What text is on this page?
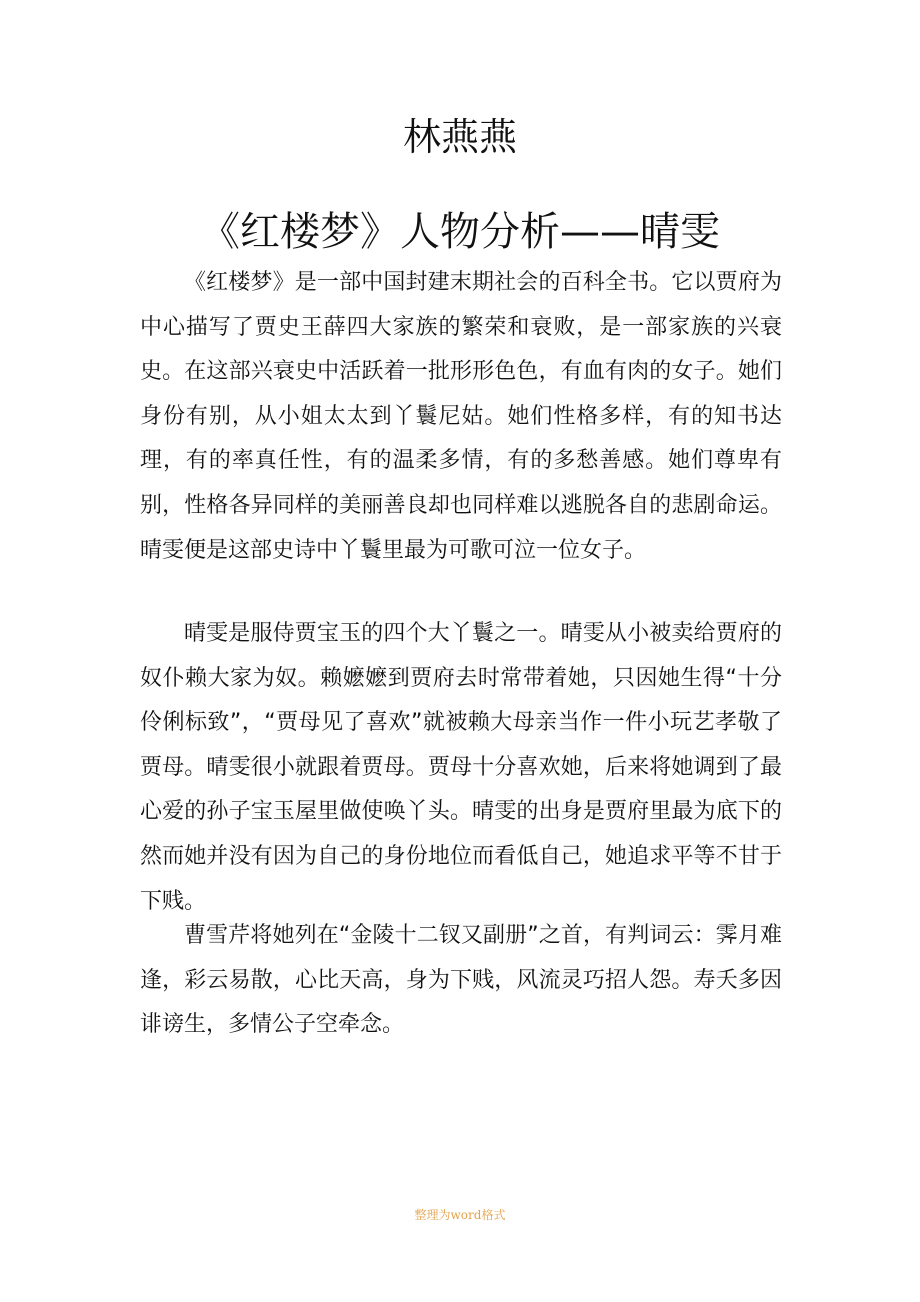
林燕燕
《红楼梦》人物分析——晴雯

《红楼梦》是一部中国封建末期社会的百科全书。它以贾府为中心描写了贾史王薛四大家族的繁荣和衰败，是一部家族的兴衰史。在这部兴衰史中活跃着一批形形色色，有血有肉的女子。她们身份有别，从小姐太太到丫鬟尼姑。她们性格多样，有的知书达理，有的率真任性，有的温柔多情，有的多愁善感。她们尊卑有别，性格各异同样的美丽善良却也同样难以逃脱各自的悲剧命运。晴雯便是这部史诗中丫鬟里最为可歌可泣一位女子。

晴雯是服侍贾宝玉的四个大丫鬟之一。晴雯从小被卖给贾府的奴仆赖大家为奴。赖嬷嬷到贾府去时常带着她，只因她生得“十分伶俐标致”，“贾母见了喜欢”就被赖大母亲当作一件小玩艺孝敬了贾母。晴雯很小就跟着贾母。贾母十分喜欢她，后来将她调到了最心爱的孙子宝玉屋里做使唤丫头。晴雯的出身是贾府里最为底下的然而她并没有因为自己的身份地位而看低自己，她追求平等不甘于下贱。

曹雪芹将她列在“金陵十二钗又副册”之首，有判词云：霁月难逢，彩云易散，心比天高，身为下贱，风流灵巧招人怨。寿夭多因诽谤生，多情公子空牵念。

整理为word格式
